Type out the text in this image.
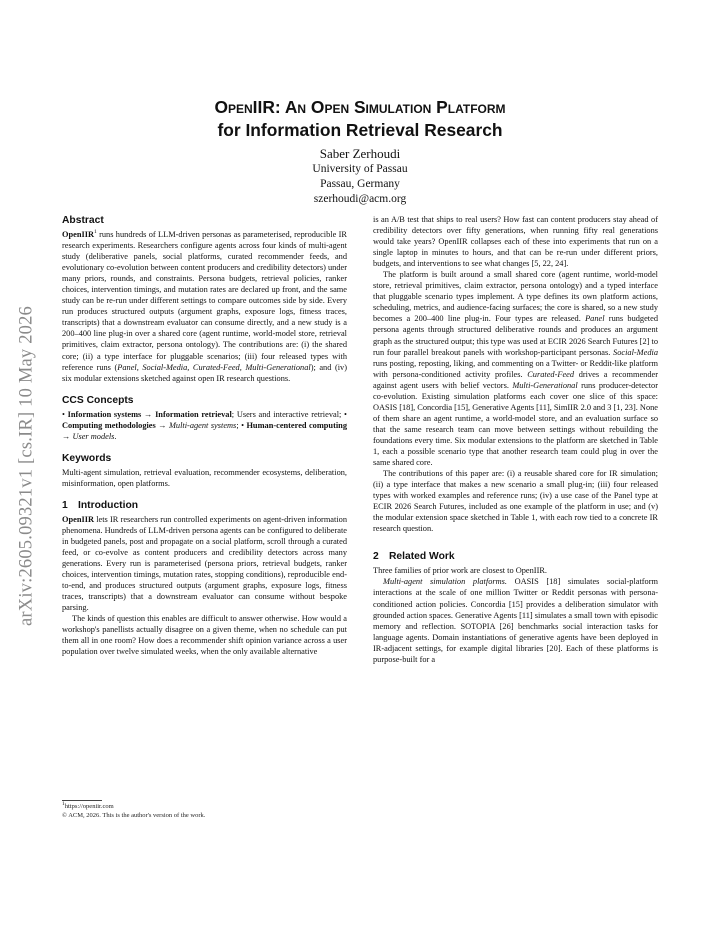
arXiv:2605.09321v1 [cs.IR] 10 May 2026
OpenIIR: An Open Simulation Platform
for Information Retrieval Research
Saber Zerhoudi
University of Passau
Passau, Germany
szerhoudi@acm.org
Abstract

OpenIIR$^1$ runs hundreds of LLM-driven personas as parameterised, reproducible IR research experiments. Researchers configure agents across four kinds of multi-agent study (deliberative panels, social platforms, curated recommender feeds, and evolutionary co-evolution between content producers and credibility detectors) under many priors, rounds, and constraints. Persona budgets, retrieval policies, ranker choices, intervention timings, and mutation rates are declared up front, and the same study can be re-run under different settings to compare outcomes side by side. Every run produces structured outputs (argument graphs, exposure logs, fitness traces, transcripts) that a downstream evaluator can consume directly, and a new study is a 200–400 line plug-in over a shared core (agent runtime, world-model store, retrieval primitives, claim extractor, persona ontology). The contributions are: (i) the shared core; (ii) a type interface for pluggable scenarios; (iii) four released types with reference runs (Panel, Social-Media, Curated-Feed, Multi-Generational); and (iv) six modular extensions sketched against open IR research questions.

CCS Concepts

• Information systems → Information retrieval; Users and interactive retrieval; • Computing methodologies → Multi-agent systems; • Human-centered computing → User models.

Keywords

Multi-agent simulation, retrieval evaluation, recommender ecosystems, deliberation, misinformation, open platforms.

1 Introduction

OpenIIR lets IR researchers run controlled experiments on agent-driven information phenomena. Hundreds of LLM-driven persona agents can be configured to deliberate in budgeted panels, post and propagate on a social platform, scroll through a curated feed, or co-evolve as content producers and credibility detectors across many generations. Every run is parameterised (persona priors, retrieval budgets, ranker choices, intervention timings, mutation rates, stopping conditions), reproducible end-to-end, and produces structured outputs (argument graphs, exposure logs, fitness traces, transcripts) that a downstream evaluator can consume without bespoke parsing.

The kinds of question this enables are difficult to answer otherwise. How would a workshop's panellists actually disagree on a given theme, when no schedule can put them all in one room? How does a recommender shift opinion variance across a user population over twelve simulated weeks, when the only available alternative

$^1$https://openiir.com
© ACM, 2026. This is the author's version of the work.

is an A/B test that ships to real users? How fast can content producers stay ahead of credibility detectors over fifty generations, when running fifty real generations would take years? OpenIIR collapses each of these into experiments that run on a single laptop in minutes to hours, and that can be re-run under different priors, budgets, and interventions to see what changes [5, 22, 24].

The platform is built around a small shared core (agent runtime, world-model store, retrieval primitives, claim extractor, persona ontology) and a typed interface that pluggable scenario types implement. A type defines its own platform actions, scheduling, metrics, and audience-facing surfaces; the core is shared, so a new study becomes a 200–400 line plug-in. Four types are released. Panel runs budgeted persona agents through structured deliberative rounds and produces an argument graph as the structured output; this type was used at ECIR 2026 Search Futures [2] to run four parallel breakout panels with workshop-participant personas. Social-Media runs posting, reposting, liking, and commenting on a Twitter- or Reddit-like platform with persona-conditioned activity profiles. Curated-Feed drives a recommender against agent users with belief vectors. Multi-Generational runs producer-detector co-evolution. Existing simulation platforms each cover one slice of this space: OASIS [18], Concordia [15], Generative Agents [11], SimIIR 2.0 and 3 [1, 23]. None of them share an agent runtime, a world-model store, and an evaluation surface so that the same research team can move between settings without rebuilding the foundations every time. Six modular extensions to the platform are sketched in Table 1, each a possible scenario type that another research team could plug in over the same shared core.

The contributions of this paper are: (i) a reusable shared core for IR simulation; (ii) a type interface that makes a new scenario a small plug-in; (iii) four released types with worked examples and reference runs; (iv) a use case of the Panel type at ECIR 2026 Search Futures, included as one example of the platform in use; and (v) the modular extension space sketched in Table 1, with each row tied to a concrete IR research question.

2 Related Work

Three families of prior work are closest to OpenIIR.

Multi-agent simulation platforms. OASIS [18] simulates social-platform interactions at the scale of one million Twitter or Reddit personas with persona-conditioned action policies. Concordia [15] provides a deliberation simulator with grounded action spaces. Generative Agents [11] simulates a small town with episodic memory and reflection. SOTOPIA [26] benchmarks social interaction tasks for language agents. Domain instantiations of generative agents have been deployed in IR-adjacent settings, for example digital libraries [20]. Each of these platforms is purpose-built for a
